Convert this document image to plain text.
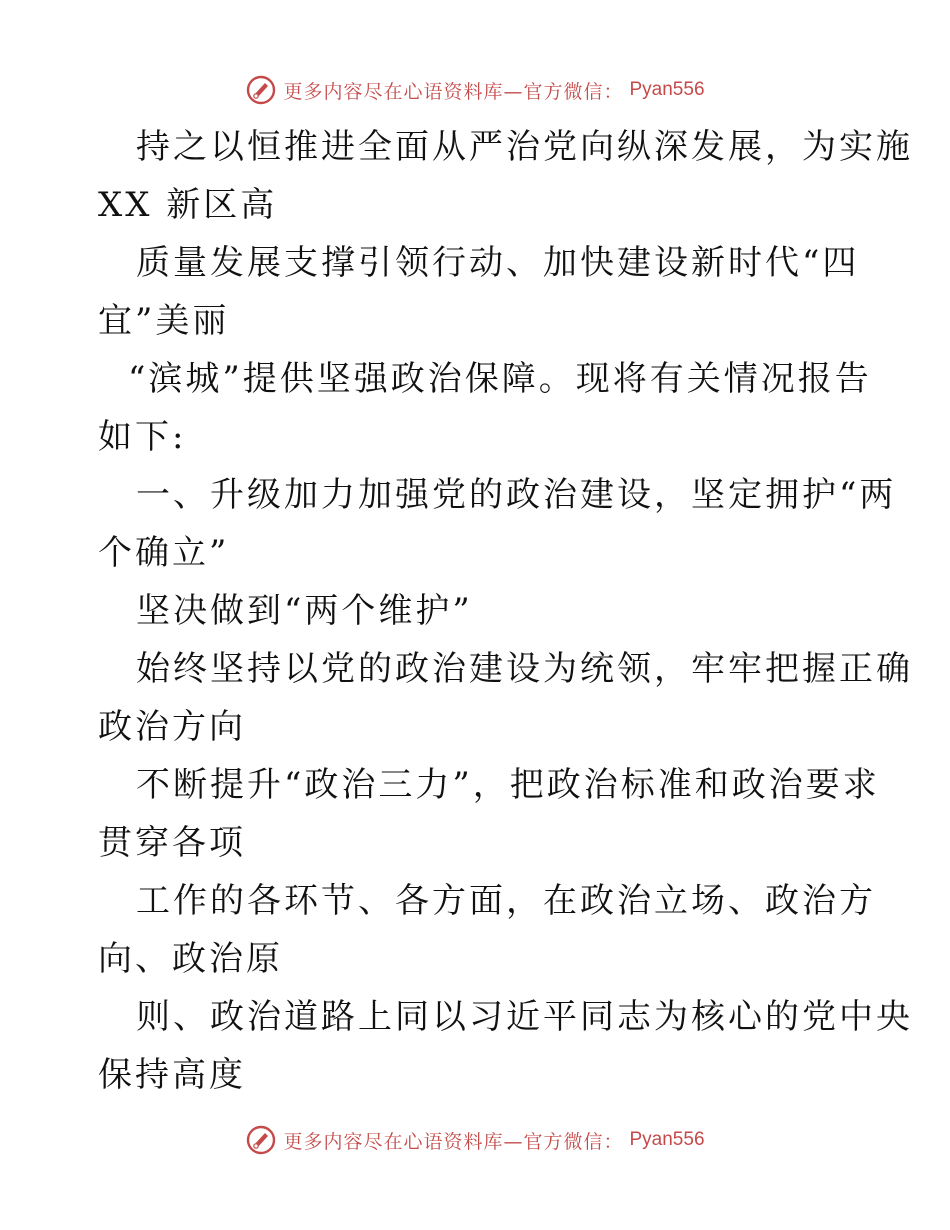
更多内容尽在心语资料库—官方微信： Pyan556
持之以恒推进全面从严治党向纵深发展，为实施
XX 新区高
质量发展支撑引领行动、加快建设新时代“四
宜”美丽
“滨城”提供坚强政治保障。现将有关情况报告
如下:
一、升级加力加强党的政治建设，坚定拥护“两
个确立”
坚决做到“两个维护”
始终坚持以党的政治建设为统领，牢牢把握正确
政治方向
不断提升“政治三力”，把政治标准和政治要求
贯穿各项
工作的各环节、各方面，在政治立场、政治方
向、政治原
则、政治道路上同以习近平同志为核心的党中央
保持高度
更多内容尽在心语资料库—官方微信： Pyan556
